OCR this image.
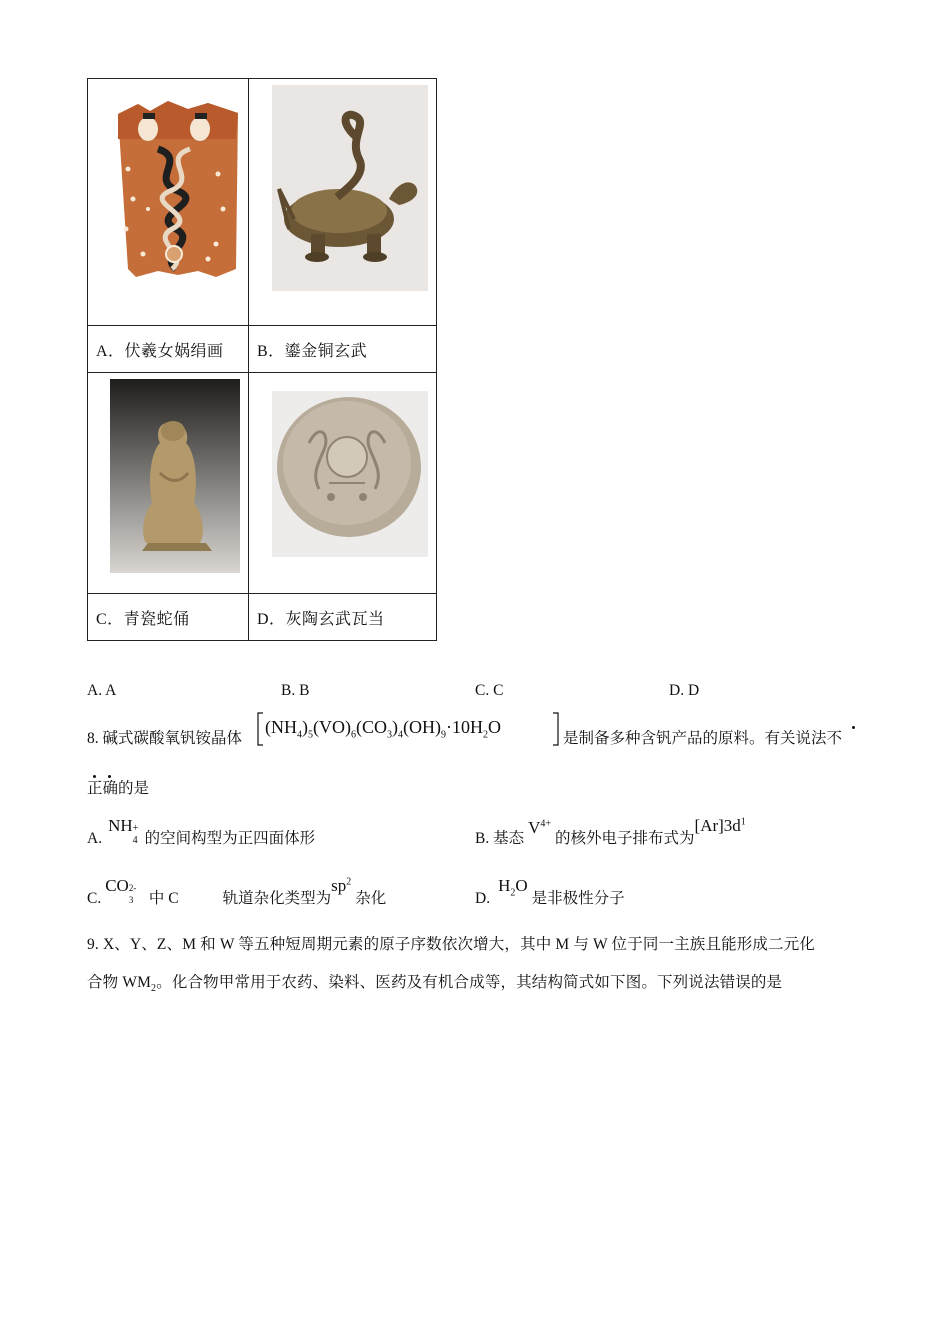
A．伏羲女娲绢画	B．鎏金铜玄武

C．青瓷蛇俑	D．灰陶玄武瓦当
A. A	B. B	C. C	D. D
8. 碱式碳酸氧钒铵晶体
$(NH_4)_5(VO)_6(CO_3)_4(OH)_9\cdot 10H_2O$
是制备多种含钒产品的原料。有关说法不
正确的是
A. NH +
4 的空间构型为正四面体形	B. 基态 $V^{4+}$ 的核外电子排布式为$[Ar]3d^1$
C. CO 2-
3 中 C	轨道杂化类型为$sp^2$ 杂化	D. $H_2O$ 是非极性分子
9. X、Y、Z、M 和 W 等五种短周期元素的原子序数依次增大，其中 M 与 W 位于同一主族且能形成二元化
合物 $WM_2$。化合物甲常用于农药、染料、医药及有机合成等，其结构简式如下图。下列说法错误的是
